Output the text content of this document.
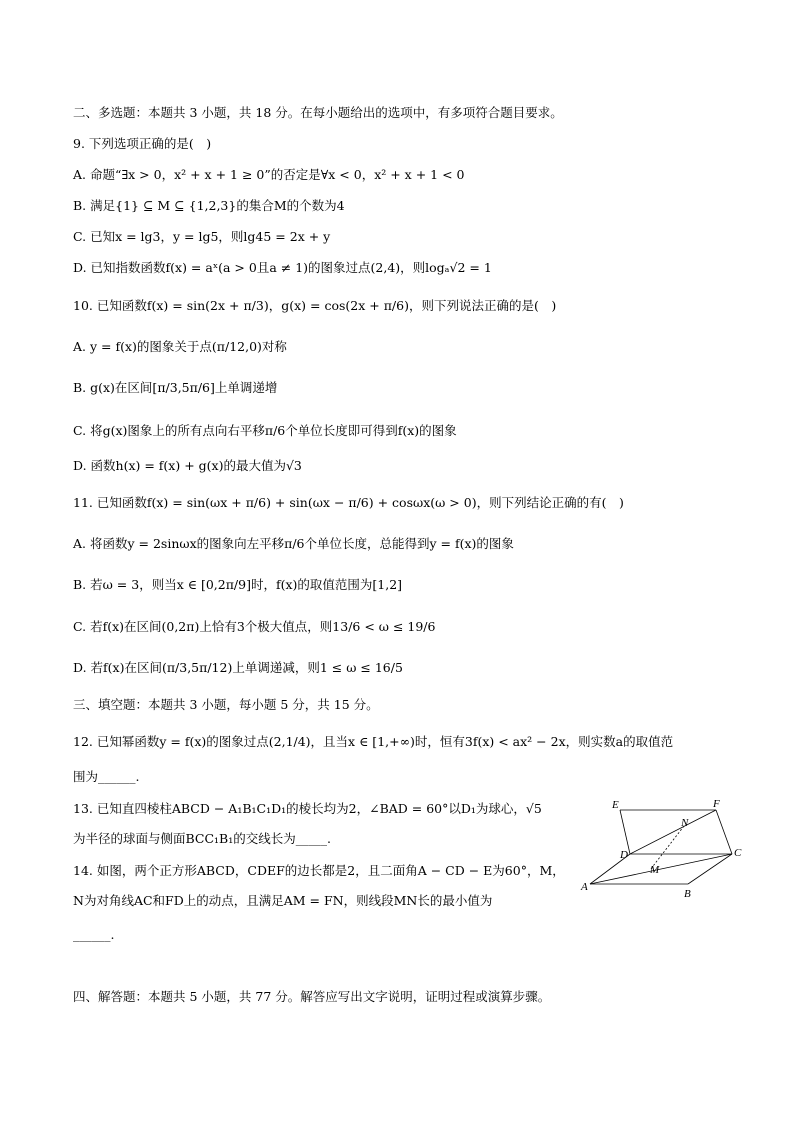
二、多选题：本题共 3 小题，共 18 分。在每小题给出的选项中，有多项符合题目要求。
9. 下列选项正确的是(　)
A. 命题“∃x > 0，x² + x + 1 ≥ 0”的否定是∀x < 0，x² + x + 1 < 0
B. 满足{1} ⊆ M ⊆ {1,2,3}的集合M的个数为4
C. 已知x = lg3，y = lg5，则lg45 = 2x + y
D. 已知指数函数f(x) = aˣ(a > 0且a ≠ 1)的图象过点(2,4)，则logₐ√2 = 1
10. 已知函数f(x) = sin(2x + π/3)，g(x) = cos(2x + π/6)，则下列说法正确的是(　)
A. y = f(x)的图象关于点(π/12,0)对称
B. g(x)在区间[π/3,5π/6]上单调递增
C. 将g(x)图象上的所有点向右平移π/6个单位长度即可得到f(x)的图象
D. 函数h(x) = f(x) + g(x)的最大值为√3
11. 已知函数f(x) = sin(ωx + π/6) + sin(ωx − π/6) + cosωx(ω > 0)，则下列结论正确的有(　)
A. 将函数y = 2sinωx的图象向左平移π/6个单位长度，总能得到y = f(x)的图象
B. 若ω = 3，则当x ∈ [0,2π/9]时，f(x)的取值范围为[1,2]
C. 若f(x)在区间(0,2π)上恰有3个极大值点，则13/6 < ω ≤ 19/6
D. 若f(x)在区间(π/3,5π/12)上单调递减，则1 ≤ ω ≤ 16/5
三、填空题：本题共 3 小题，每小题 5 分，共 15 分。
12. 已知幂函数y = f(x)的图象过点(2,1/4)，且当x ∈ [1,+∞)时，恒有3f(x) < ax² − 2x，则实数a的取值范
围为______.
13. 已知直四棱柱ABCD − A₁B₁C₁D₁的棱长均为2，∠BAD = 60°以D₁为球心，√5
为半径的球面与侧面BCC₁B₁的交线长为_____.
14. 如图，两个正方形ABCD，CDEF的边长都是2，且二面角A − CD − E为60°，M，
N为对角线AC和FD上的动点，且满足AM = FN，则线段MN长的最小值为
______.
四、解答题：本题共 5 小题，共 77 分。解答应写出文字说明，证明过程或演算步骤。
E	F
N
D	C
M
A
B
